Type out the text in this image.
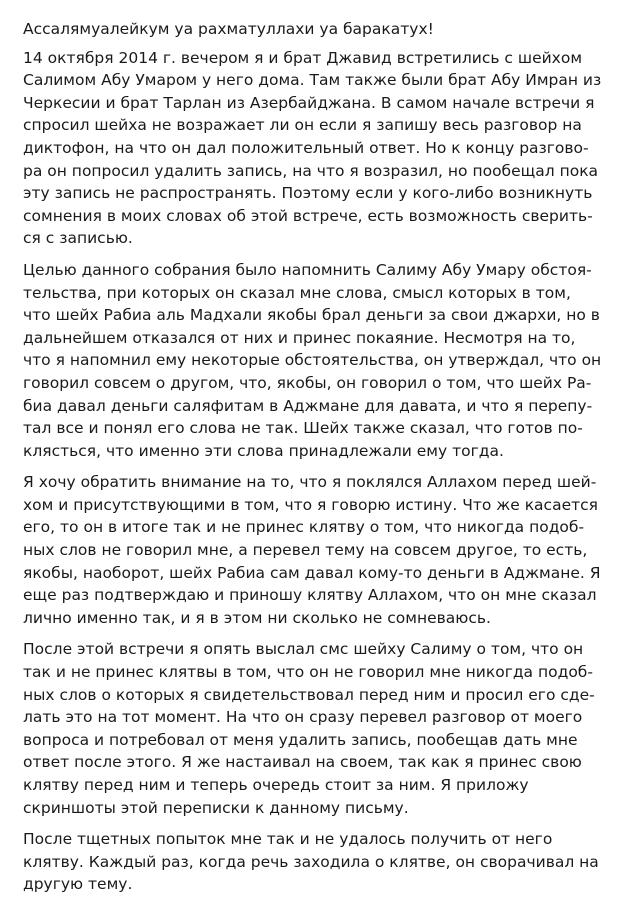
Ассалямуалейкум уа рахматуллахи уа баракатух!
14 октября 2014 г. вечером я и брат Джавид встретились с шейхом
Салимом Абу Умаром у него дома. Там также были брат Абу Имран из
Черкесии и брат Тарлан из Азербайджана. В самом начале встречи я
спросил шейха не возражает ли он если я запишу весь разговор на
диктофон, на что он дал положительный ответ. Но к концу разгово-
ра он попросил удалить запись, на что я возразил, но пообещал пока
эту запись не распространять. Поэтому если у кого-либо возникнуть
сомнения в моих словах об этой встрече, есть возможность сверить-
ся с записью.
Целью данного собрания было напомнить Салиму Абу Умару обстоя-
тельства, при которых он сказал мне слова, смысл которых в том,
что шейх Рабиа аль Мадхали якобы брал деньги за свои джархи, но в
дальнейшем отказался от них и принес покаяние. Несмотря на то,
что я напомнил ему некоторые обстоятельства, он утверждал, что он
говорил совсем о другом, что, якобы, он говорил о том, что шейх Ра-
биа давал деньги саляфитам в Аджмане для давата, и что я перепу-
тал все и понял его слова не так. Шейх также сказал, что готов по-
клясться, что именно эти слова принадлежали ему тогда.
Я хочу обратить внимание на то, что я поклялся Аллахом перед шей-
хом и присутствующими в том, что я говорю истину. Что же касается
его, то он в итоге так и не принес клятву о том, что никогда подоб-
ных слов не говорил мне, а перевел тему на совсем другое, то есть,
якобы, наоборот, шейх Рабиа сам давал кому-то деньги в Аджмане. Я
еще раз подтверждаю и приношу клятву Аллахом, что он мне сказал
лично именно так, и я в этом ни сколько не сомневаюсь.
После этой встречи я опять выслал смс шейху Салиму о том, что он
так и не принес клятвы в том, что он не говорил мне никогда подоб-
ных слов о которых я свидетельствовал перед ним и просил его сде-
лать это на тот момент. На что он сразу перевел разговор от моего
вопроса и потребовал от меня удалить запись, пообещав дать мне
ответ после этого. Я же настаивал на своем, так как я принес свою
клятву перед ним и теперь очередь стоит за ним. Я приложу
скриншоты этой переписки к данному письму.
После тщетных попыток мне так и не удалось получить от него
клятву. Каждый раз, когда речь заходила о клятве, он сворачивал на
другую тему.
